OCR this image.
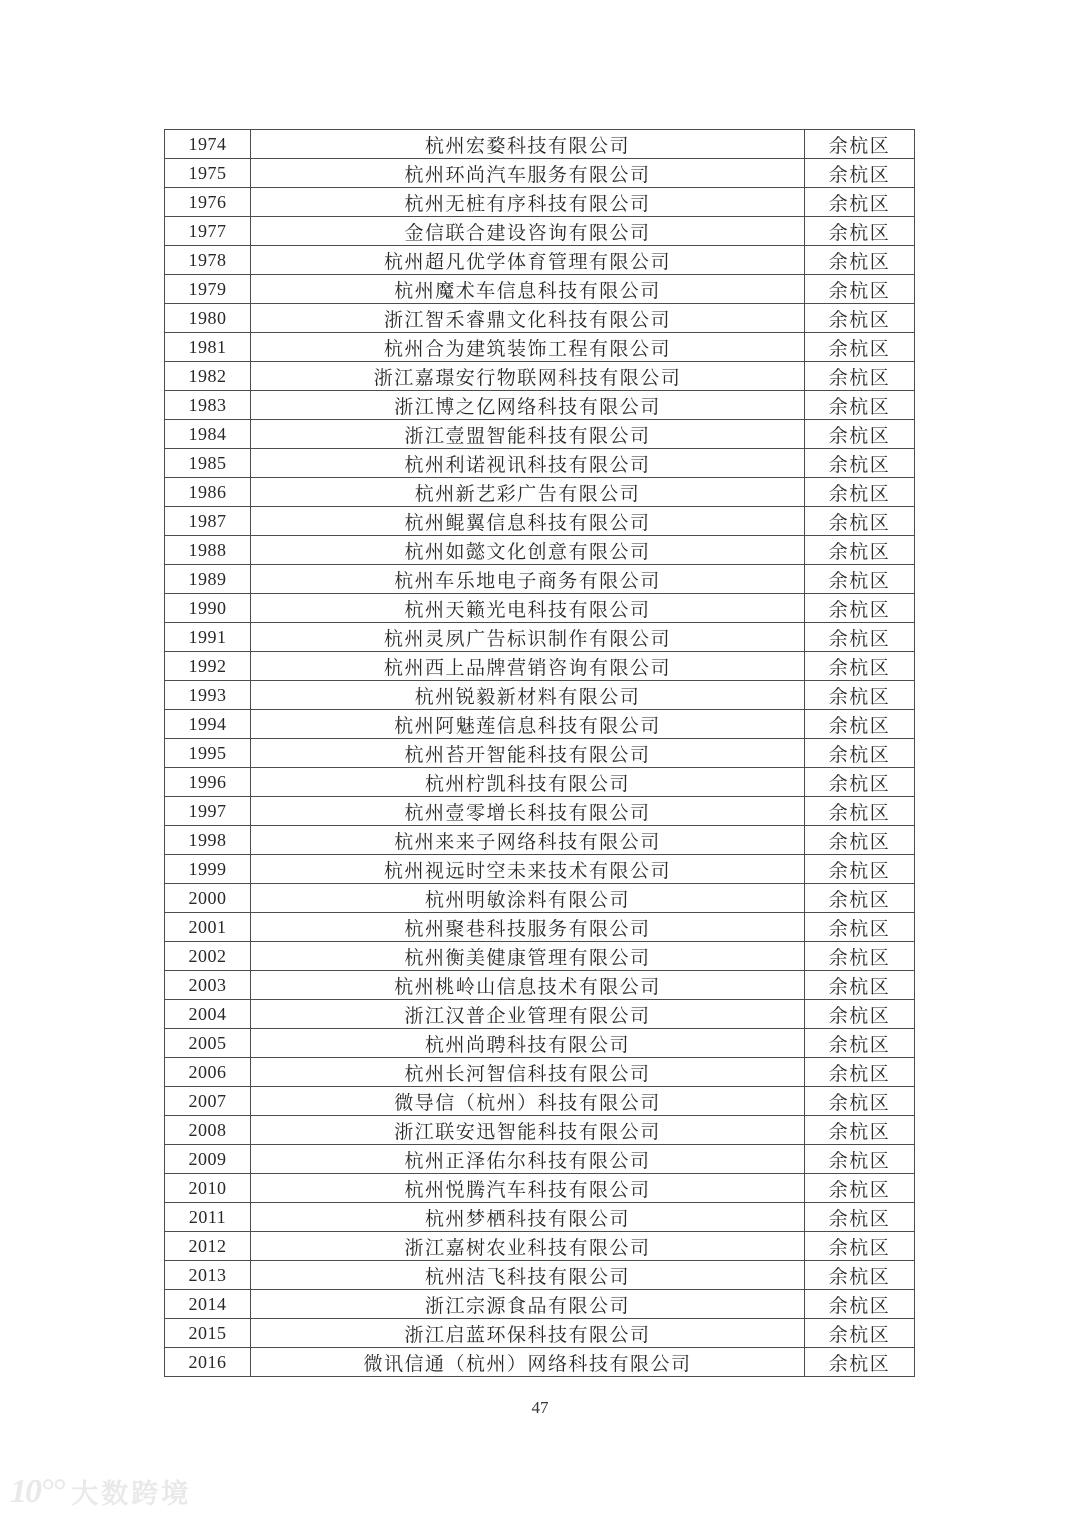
1974	杭州宏婺科技有限公司	余杭区
1975	杭州环尚汽车服务有限公司	余杭区
1976	杭州无桩有序科技有限公司	余杭区
1977	金信联合建设咨询有限公司	余杭区
1978	杭州超凡优学体育管理有限公司	余杭区
1979	杭州魔术车信息科技有限公司	余杭区
1980	浙江智禾睿鼎文化科技有限公司	余杭区
1981	杭州合为建筑装饰工程有限公司	余杭区
1982	浙江嘉璟安行物联网科技有限公司	余杭区
1983	浙江博之亿网络科技有限公司	余杭区
1984	浙江壹盟智能科技有限公司	余杭区
1985	杭州利诺视讯科技有限公司	余杭区
1986	杭州新艺彩广告有限公司	余杭区
1987	杭州鲲翼信息科技有限公司	余杭区
1988	杭州如懿文化创意有限公司	余杭区
1989	杭州车乐地电子商务有限公司	余杭区
1990	杭州天籁光电科技有限公司	余杭区
1991	杭州灵夙广告标识制作有限公司	余杭区
1992	杭州西上品牌营销咨询有限公司	余杭区
1993	杭州锐毅新材料有限公司	余杭区
1994	杭州阿魅莲信息科技有限公司	余杭区
1995	杭州苔开智能科技有限公司	余杭区
1996	杭州柠凯科技有限公司	余杭区
1997	杭州壹零增长科技有限公司	余杭区
1998	杭州来来子网络科技有限公司	余杭区
1999	杭州视远时空未来技术有限公司	余杭区
2000	杭州明敏涂料有限公司	余杭区
2001	杭州聚巷科技服务有限公司	余杭区
2002	杭州衡美健康管理有限公司	余杭区
2003	杭州桃岭山信息技术有限公司	余杭区
2004	浙江汉普企业管理有限公司	余杭区
2005	杭州尚聘科技有限公司	余杭区
2006	杭州长河智信科技有限公司	余杭区
2007	微导信（杭州）科技有限公司	余杭区
2008	浙江联安迅智能科技有限公司	余杭区
2009	杭州正泽佑尔科技有限公司	余杭区
2010	杭州悦腾汽车科技有限公司	余杭区
2011	杭州梦栖科技有限公司	余杭区
2012	浙江嘉树农业科技有限公司	余杭区
2013	杭州洁飞科技有限公司	余杭区
2014	浙江宗源食品有限公司	余杭区
2015	浙江启蓝环保科技有限公司	余杭区
2016	微讯信通（杭州）网络科技有限公司	余杭区
47
10°° 大数跨境
